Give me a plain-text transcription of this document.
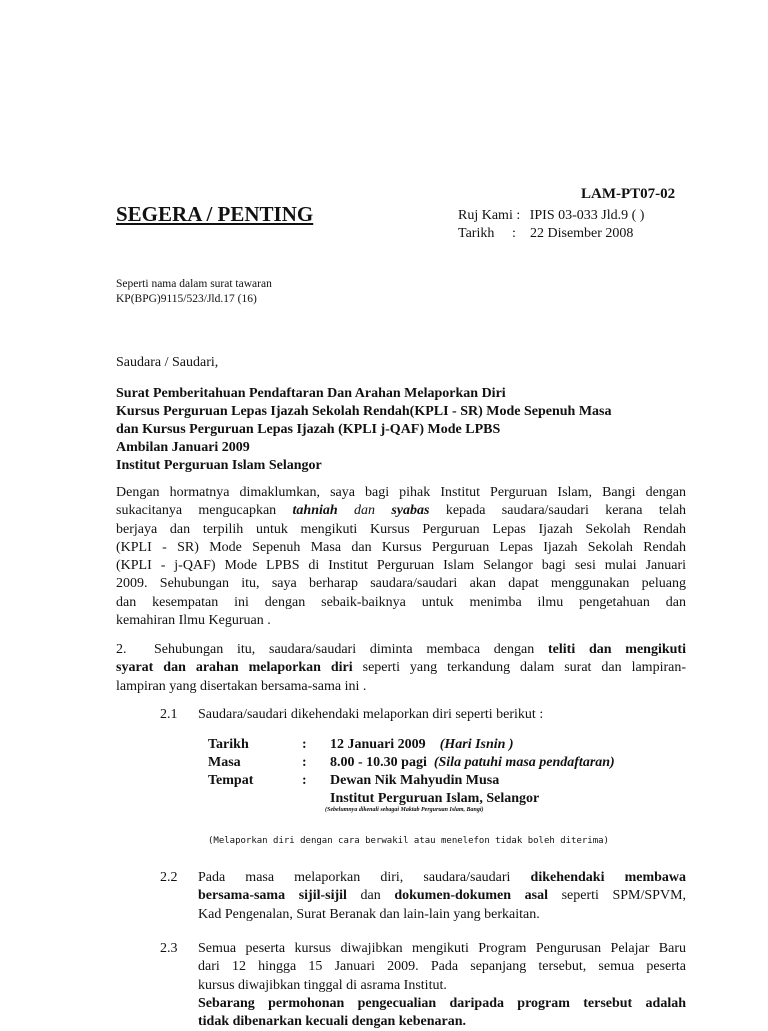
LAM-PT07-02
SEGERA / PENTING	Ruj Kami : IPIS 03-033 Jld.9 ( )
Tarikh : 22 Disember 2008
Seperti nama dalam surat tawaran
KP(BPG)9115/523/Jld.17 (16)
Saudara / Saudari,
Surat Pemberitahuan Pendaftaran Dan Arahan Melaporkan Diri
Kursus Perguruan Lepas Ijazah Sekolah Rendah(KPLI - SR) Mode Sepenuh Masa
dan Kursus Perguruan Lepas Ijazah (KPLI j-QAF) Mode LPBS
Ambilan Januari 2009
Institut Perguruan Islam Selangor
Dengan hormatnya dimaklumkan, saya bagi pihak Institut Perguruan Islam, Bangi dengan
sukacitanya mengucapkan tahniah dan syabas kepada saudara/saudari kerana telah
berjaya dan terpilih untuk mengikuti Kursus Perguruan Lepas Ijazah Sekolah Rendah
(KPLI - SR) Mode Sepenuh Masa dan Kursus Perguruan Lepas Ijazah Sekolah Rendah
(KPLI - j-QAF) Mode LPBS di Institut Perguruan Islam Selangor bagi sesi mulai Januari
2009. Sehubungan itu, saya berharap saudara/saudari akan dapat menggunakan peluang
dan kesempatan ini dengan sebaik-baiknya untuk menimba ilmu pengetahuan dan
kemahiran Ilmu Keguruan .
2. Sehubungan itu, saudara/saudari diminta membaca dengan teliti dan mengikuti
syarat dan arahan melaporkan diri seperti yang terkandung dalam surat dan lampiran-
lampiran yang disertakan bersama-sama ini .
2.1 Saudara/saudari dikehendaki melaporkan diri seperti berikut :
Tarikh	: 12 Januari 2009 (Hari Isnin )
Masa	: 8.00 - 10.30 pagi (Sila patuhi masa pendaftaran)
Tempat	: Dewan Nik Mahyudin Musa
Institut Perguruan Islam, Selangor
(Sebelumnya dikenali sebagai Maktab Perguruan Islam, Bangi)
(Melaporkan diri dengan cara berwakil atau menelefon tidak boleh diterima)
2.2 Pada masa melaporkan diri, saudara/saudari dikehendaki membawa
bersama-sama sijil-sijil dan dokumen-dokumen asal seperti SPM/SPVM,
Kad Pengenalan, Surat Beranak dan lain-lain yang berkaitan.
2.3 Semua peserta kursus diwajibkan mengikuti Program Pengurusan Pelajar Baru
dari 12 hingga 15 Januari 2009. Pada sepanjang tersebut, semua peserta
kursus diwajibkan tinggal di asrama Institut.
Sebarang permohonan pengecualian daripada program tersebut adalah
tidak dibenarkan kecuali dengan kebenaran.
